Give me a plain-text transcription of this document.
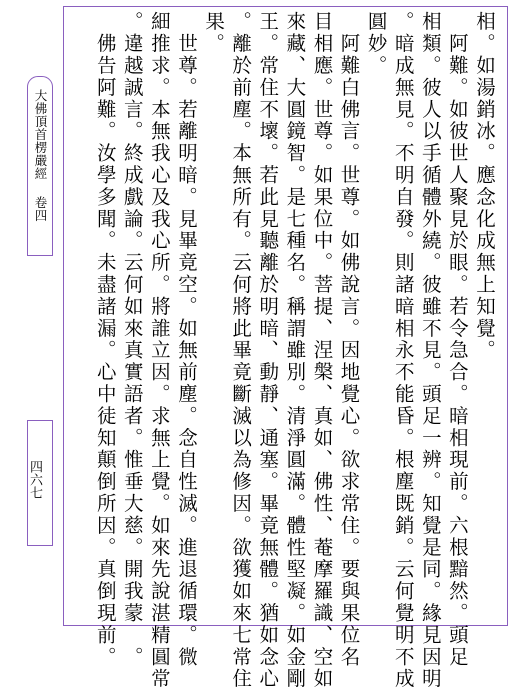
大佛頂首楞嚴經
卷四
四六七
相。如湯銷冰。應念化成無上知覺。
　阿難。如彼世人聚見於眼。若令急合。暗相現前。六根黯然。頭足
相類。彼人以手循體外繞。彼雖不見。頭足一辨。知覺是同。緣見因明
。暗成無見。不明自發。則諸暗相永不能昏。根塵既銷。云何覺明不成
圓妙。
　阿難白佛言。世尊。如佛說言。因地覺心。欲求常住。要與果位名
目相應。世尊。如果位中。菩提、涅槃、真如、佛性、菴摩羅識、空如
來藏、大圓鏡智。是七種名。稱謂雖別。清淨圓滿。體性堅凝。如金剛
王。常住不壞。若此見聽離於明暗、動靜、通塞。畢竟無體。猶如念心
。離於前塵。本無所有。云何將此畢竟斷滅以為修因。欲獲如來七常住
果。
　世尊。若離明暗。見畢竟空。如無前塵。念自性滅。進退循環。微
細推求。本無我心及我心所。將誰立因。求無上覺。如來先說湛精圓常
。違越誠言。終成戲論。云何如來真實語者。惟垂大慈。開我蒙　。
　佛告阿難。汝學多聞。未盡諸漏。心中徒知顛倒所因。真倒現前。
